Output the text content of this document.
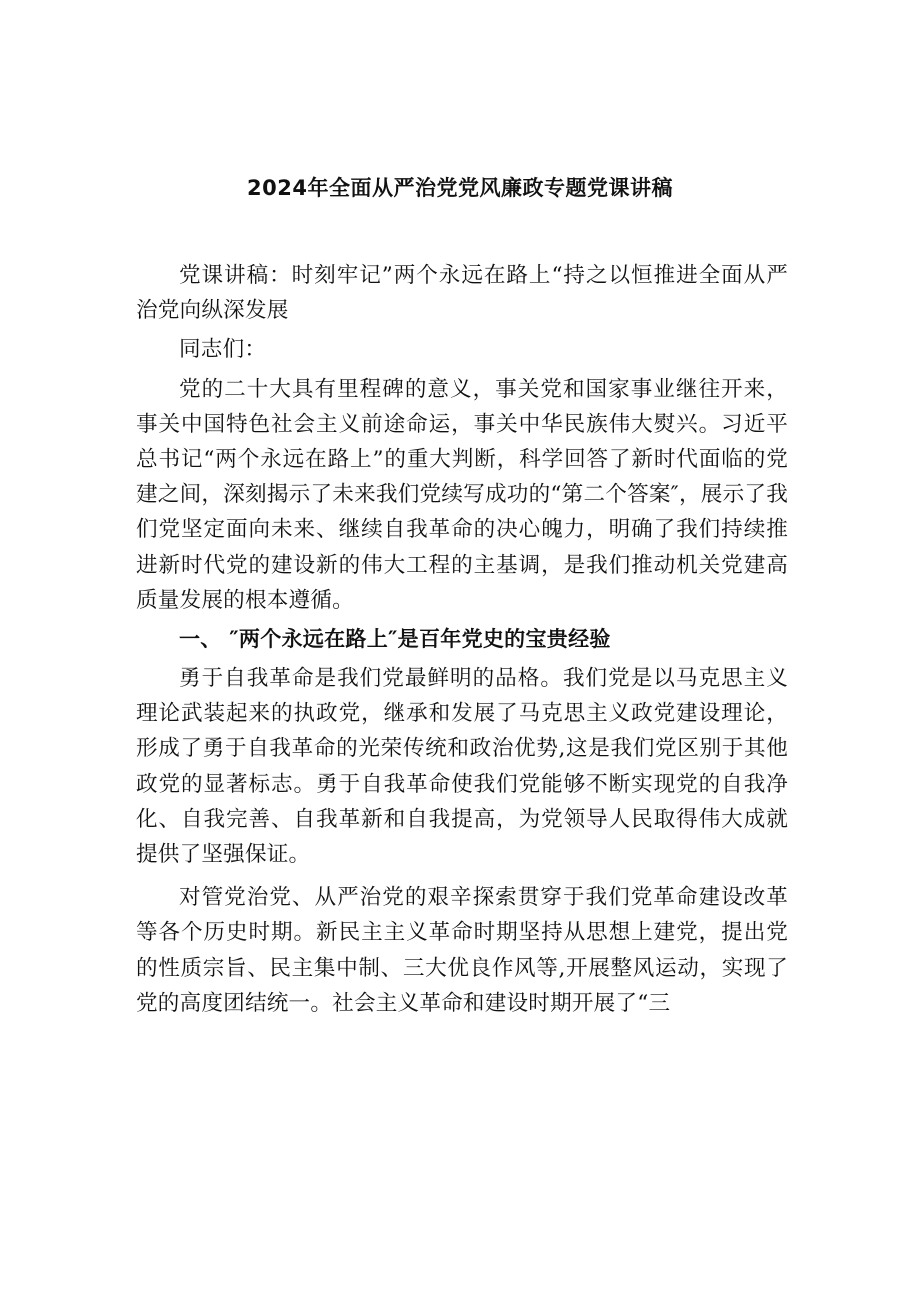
2024年全面从严治党党风廉政专题党课讲稿

党课讲稿：时刻牢记”两个永远在路上“持之以恒推进全面从严治党向纵深发展

同志们：

党的二十大具有里程碑的意义，事关党和国家事业继往开来，事关中国特色社会主义前途命运，事关中华民族伟大熨兴。习近平总书记“两个永远在路上”的重大判断，科学回答了新时代面临的党建之间，深刻揭示了未来我们党续写成功的“第二个答案″，展示了我们党坚定面向未来、继续自我革命的决心魄力，明确了我们持续推进新时代党的建设新的伟大工程的主基调，是我们推动机关党建高质量发展的根本遵循。

一、 ″两个永远在路上″是百年党史的宝贵经验

勇于自我革命是我们党最鲜明的品格。我们党是以马克思主义理论武装起来的执政党，继承和发展了马克思主义政党建设理论，形成了勇于自我革命的光荣传统和政治优势,这是我们党区别于其他政党的显著标志。勇于自我革命使我们党能够不断实现党的自我净化、自我完善、自我革新和自我提高，为党领导人民取得伟大成就提供了坚强保证。

对管党治党、从严治党的艰辛探索贯穿于我们党革命建设改革等各个历史时期。新民主主义革命时期坚持从思想上建党，提出党的性质宗旨、民主集中制、三大优良作风等,开展整风运动，实现了党的高度团结统一。社会主义革命和建设时期开展了“三
